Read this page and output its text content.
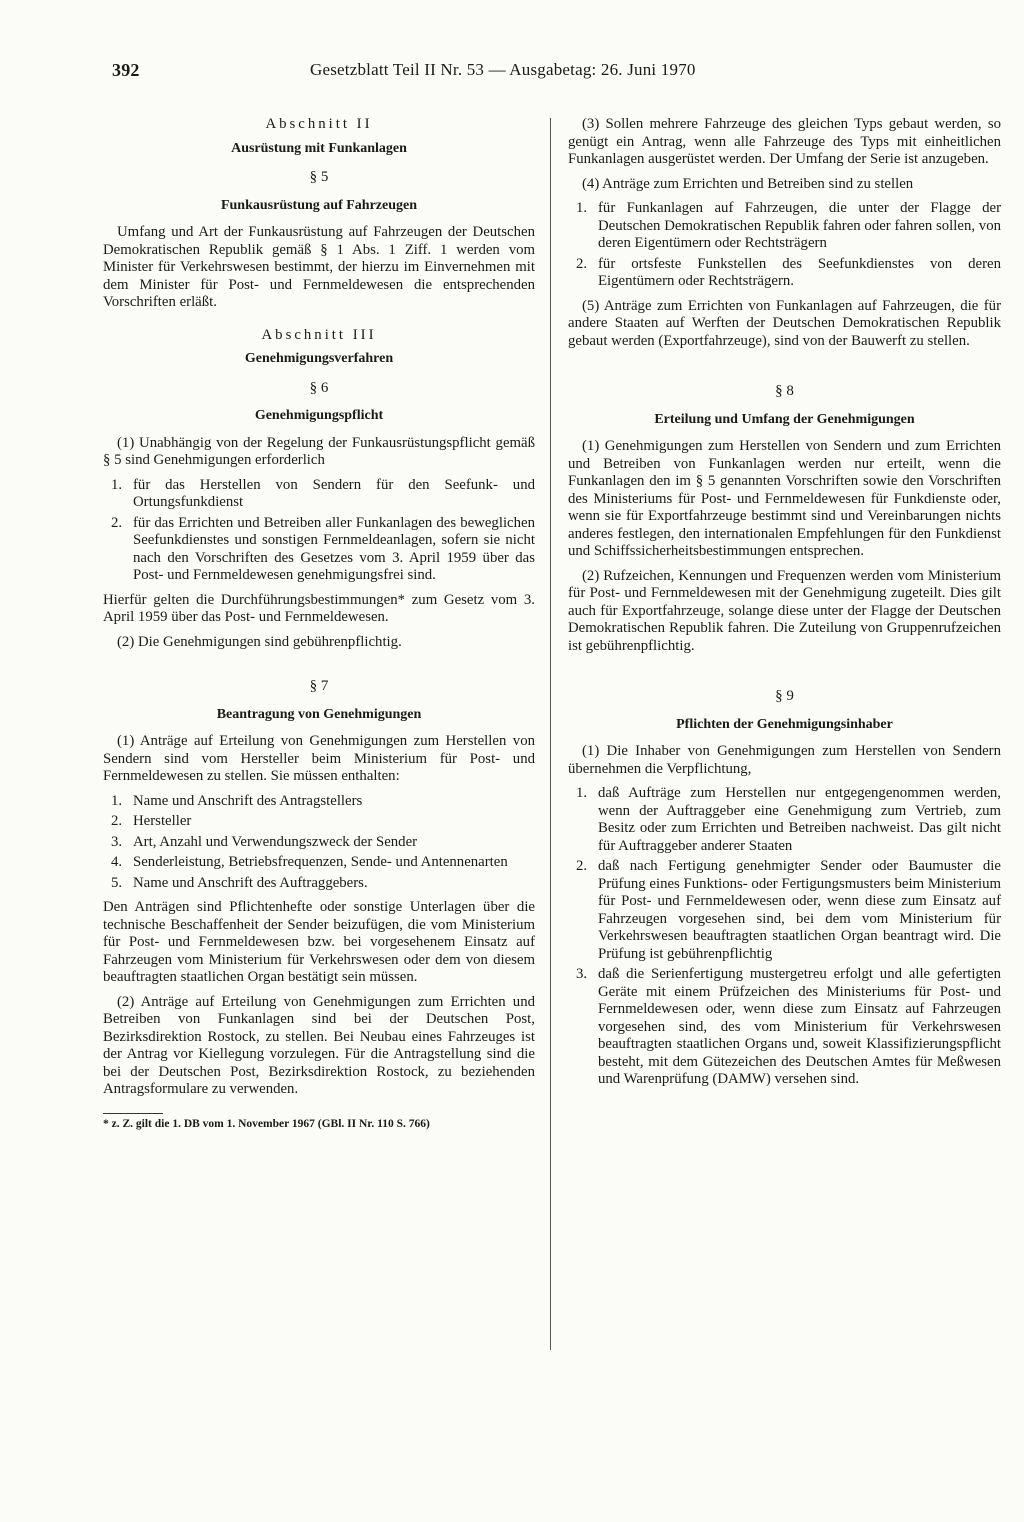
392	Gesetzblatt Teil II Nr. 53 — Ausgabetag: 26. Juni 1970
Abschnitt II
Ausrüstung mit Funkanlagen
§ 5
Funkausrüstung auf Fahrzeugen

Umfang und Art der Funkausrüstung auf Fahrzeugen der Deutschen Demokratischen Republik gemäß § 1 Abs. 1 Ziff. 1 werden vom Minister für Verkehrswesen bestimmt, der hierzu im Einvernehmen mit dem Minister für Post- und Fernmeldewesen die entsprechenden Vorschriften erläßt.

Abschnitt III
Genehmigungsverfahren
§ 6
Genehmigungspflicht

(1) Unabhängig von der Regelung der Funkausrüstungspflicht gemäß § 5 sind Genehmigungen erforderlich

1. für das Herstellen von Sendern für den Seefunk- und Ortungsfunkdienst
2. für das Errichten und Betreiben aller Funkanlagen des beweglichen Seefunkdienstes und sonstigen Fernmeldeanlagen, sofern sie nicht nach den Vorschriften des Gesetzes vom 3. April 1959 über das Post- und Fernmeldewesen genehmigungsfrei sind.

Hierfür gelten die Durchführungsbestimmungen* zum Gesetz vom 3. April 1959 über das Post- und Fernmeldewesen.

(2) Die Genehmigungen sind gebührenpflichtig.

§ 7
Beantragung von Genehmigungen

(1) Anträge auf Erteilung von Genehmigungen zum Herstellen von Sendern sind vom Hersteller beim Ministerium für Post- und Fernmeldewesen zu stellen. Sie müssen enthalten:

1. Name und Anschrift des Antragstellers
2. Hersteller
3. Art, Anzahl und Verwendungszweck der Sender
4. Senderleistung, Betriebsfrequenzen, Sende- und Antennenarten
5. Name und Anschrift des Auftraggebers.

Den Anträgen sind Pflichtenhefte oder sonstige Unterlagen über die technische Beschaffenheit der Sender beizufügen, die vom Ministerium für Post- und Fernmeldewesen bzw. bei vorgesehenem Einsatz auf Fahrzeugen vom Ministerium für Verkehrswesen oder dem von diesem beauftragten staatlichen Organ bestätigt sein müssen.

(2) Anträge auf Erteilung von Genehmigungen zum Errichten und Betreiben von Funkanlagen sind bei der Deutschen Post, Bezirksdirektion Rostock, zu stellen. Bei Neubau eines Fahrzeuges ist der Antrag vor Kiellegung vorzulegen. Für die Antragstellung sind die bei der Deutschen Post, Bezirksdirektion Rostock, zu beziehenden Antragsformulare zu verwenden.

* z. Z. gilt die 1. DB vom 1. November 1967 (GBl. II Nr. 110 S. 766)

(3) Sollen mehrere Fahrzeuge des gleichen Typs gebaut werden, so genügt ein Antrag, wenn alle Fahrzeuge des Typs mit einheitlichen Funkanlagen ausgerüstet werden. Der Umfang der Serie ist anzugeben.

(4) Anträge zum Errichten und Betreiben sind zu stellen

1. für Funkanlagen auf Fahrzeugen, die unter der Flagge der Deutschen Demokratischen Republik fahren oder fahren sollen, von deren Eigentümern oder Rechtsträgern
2. für ortsfeste Funkstellen des Seefunkdienstes von deren Eigentümern oder Rechtsträgern.

(5) Anträge zum Errichten von Funkanlagen auf Fahrzeugen, die für andere Staaten auf Werften der Deutschen Demokratischen Republik gebaut werden (Exportfahrzeuge), sind von der Bauwerft zu stellen.

§ 8
Erteilung und Umfang der Genehmigungen

(1) Genehmigungen zum Herstellen von Sendern und zum Errichten und Betreiben von Funkanlagen werden nur erteilt, wenn die Funkanlagen den im § 5 genannten Vorschriften sowie den Vorschriften des Ministeriums für Post- und Fernmeldewesen für Funkdienste oder, wenn sie für Exportfahrzeuge bestimmt sind und Vereinbarungen nichts anderes festlegen, den internationalen Empfehlungen für den Funkdienst und Schiffssicherheitsbestimmungen entsprechen.

(2) Rufzeichen, Kennungen und Frequenzen werden vom Ministerium für Post- und Fernmeldewesen mit der Genehmigung zugeteilt. Dies gilt auch für Exportfahrzeuge, solange diese unter der Flagge der Deutschen Demokratischen Republik fahren. Die Zuteilung von Gruppenrufzeichen ist gebührenpflichtig.

§ 9
Pflichten der Genehmigungsinhaber

(1) Die Inhaber von Genehmigungen zum Herstellen von Sendern übernehmen die Verpflichtung,

1. daß Aufträge zum Herstellen nur entgegengenommen werden, wenn der Auftraggeber eine Genehmigung zum Vertrieb, zum Besitz oder zum Errichten und Betreiben nachweist. Das gilt nicht für Auftraggeber anderer Staaten
2. daß nach Fertigung genehmigter Sender oder Baumuster die Prüfung eines Funktions- oder Fertigungsmusters beim Ministerium für Post- und Fernmeldewesen oder, wenn diese zum Einsatz auf Fahrzeugen vorgesehen sind, bei dem vom Ministerium für Verkehrswesen beauftragten staatlichen Organ beantragt wird. Die Prüfung ist gebührenpflichtig
3. daß die Serienfertigung mustergetreu erfolgt und alle gefertigten Geräte mit einem Prüfzeichen des Ministeriums für Post- und Fernmeldewesen oder, wenn diese zum Einsatz auf Fahrzeugen vorgesehen sind, des vom Ministerium für Verkehrswesen beauftragten staatlichen Organs und, soweit Klassifizierungspflicht besteht, mit dem Gütezeichen des Deutschen Amtes für Meßwesen und Warenprüfung (DAMW) versehen sind.
